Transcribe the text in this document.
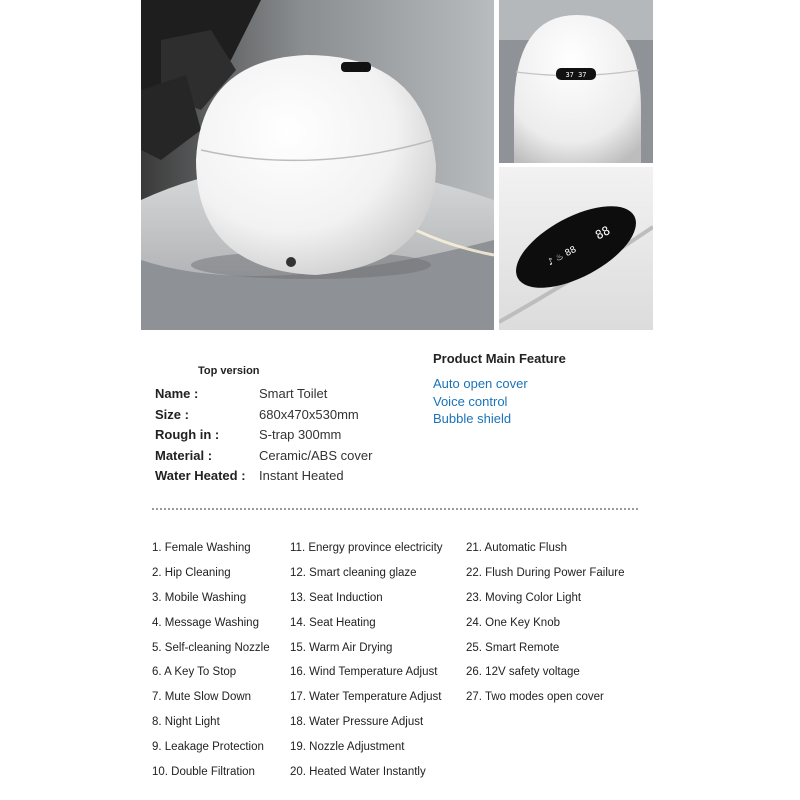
37 37
♪ ♨ 88
88
Top version
Name :	Smart Toilet
Size :	680x470x530mm
Rough in :	S-trap 300mm
Material :	Ceramic/ABS cover
Water Heated : Instant Heated
Product Main Feature
Auto open cover
Voice control
Bubble shield
1. Female Washing
2. Hip Cleaning
3. Mobile Washing
4. Message Washing
5. Self-cleaning Nozzle
6. A Key To Stop
7. Mute Slow Down
8. Night Light
9. Leakage Protection
10. Double Filtration
11. Energy province electricity
12. Smart cleaning glaze
13. Seat Induction
14. Seat Heating
15. Warm Air Drying
16. Wind Temperature Adjust
17. Water Temperature Adjust
18. Water Pressure Adjust
19. Nozzle Adjustment
20. Heated Water Instantly
21. Automatic Flush
22. Flush During Power Failure
23. Moving Color Light
24. One Key Knob
25. Smart Remote
26. 12V safety voltage
27. Two modes open cover
